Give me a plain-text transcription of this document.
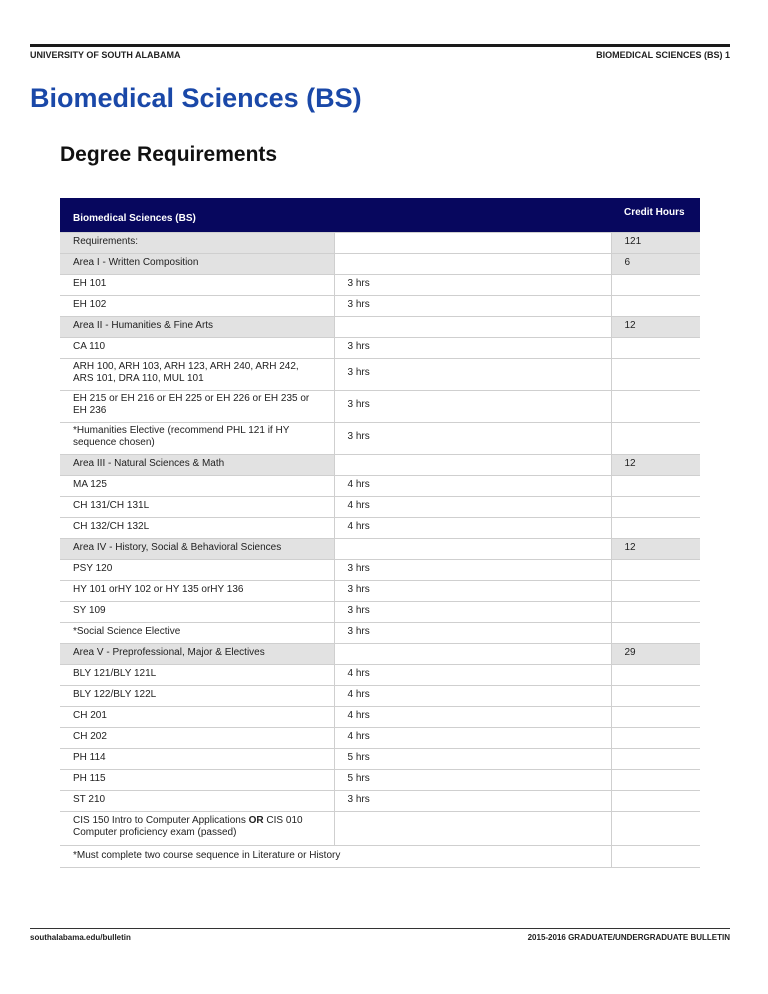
UNIVERSITY OF SOUTH ALABAMA	BIOMEDICAL SCIENCES (BS) 1
Biomedical Sciences (BS)
Degree Requirements
Biomedical Sciences (BS)		Credit Hours
Requirements:		121
Area I - Written Composition		6
EH 101	3 hrs	
EH 102	3 hrs	
Area II - Humanities & Fine Arts		12
CA 110	3 hrs	
ARH 100, ARH 103, ARH 123, ARH 240, ARH 242, ARS 101, DRA 110, MUL 101	3 hrs	
EH 215 or EH 216 or EH 225 or EH 226 or EH 235 or EH 236	3 hrs	
*Humanities Elective (recommend PHL 121 if HY sequence chosen)	3 hrs	
Area III - Natural Sciences & Math		12
MA 125	4 hrs	
CH 131/CH 131L	4 hrs	
CH 132/CH 132L	4 hrs	
Area IV - History, Social & Behavioral Sciences		12
PSY 120	3 hrs	
HY 101 orHY 102 or HY 135 orHY 136	3 hrs	
SY 109	3 hrs	
*Social Science Elective	3 hrs	
Area V - Preprofessional, Major & Electives		29
BLY 121/BLY 121L	4 hrs	
BLY 122/BLY 122L	4 hrs	
CH 201	4 hrs	
CH 202	4 hrs	
PH 114	5 hrs	
PH 115	5 hrs	
ST 210	3 hrs	
CIS 150 Intro to Computer Applications OR CIS 010 Computer proficiency exam (passed)		
*Must complete two course sequence in Literature or History		
southalabama.edu/bulletin	2015-2016 GRADUATE/UNDERGRADUATE BULLETIN
